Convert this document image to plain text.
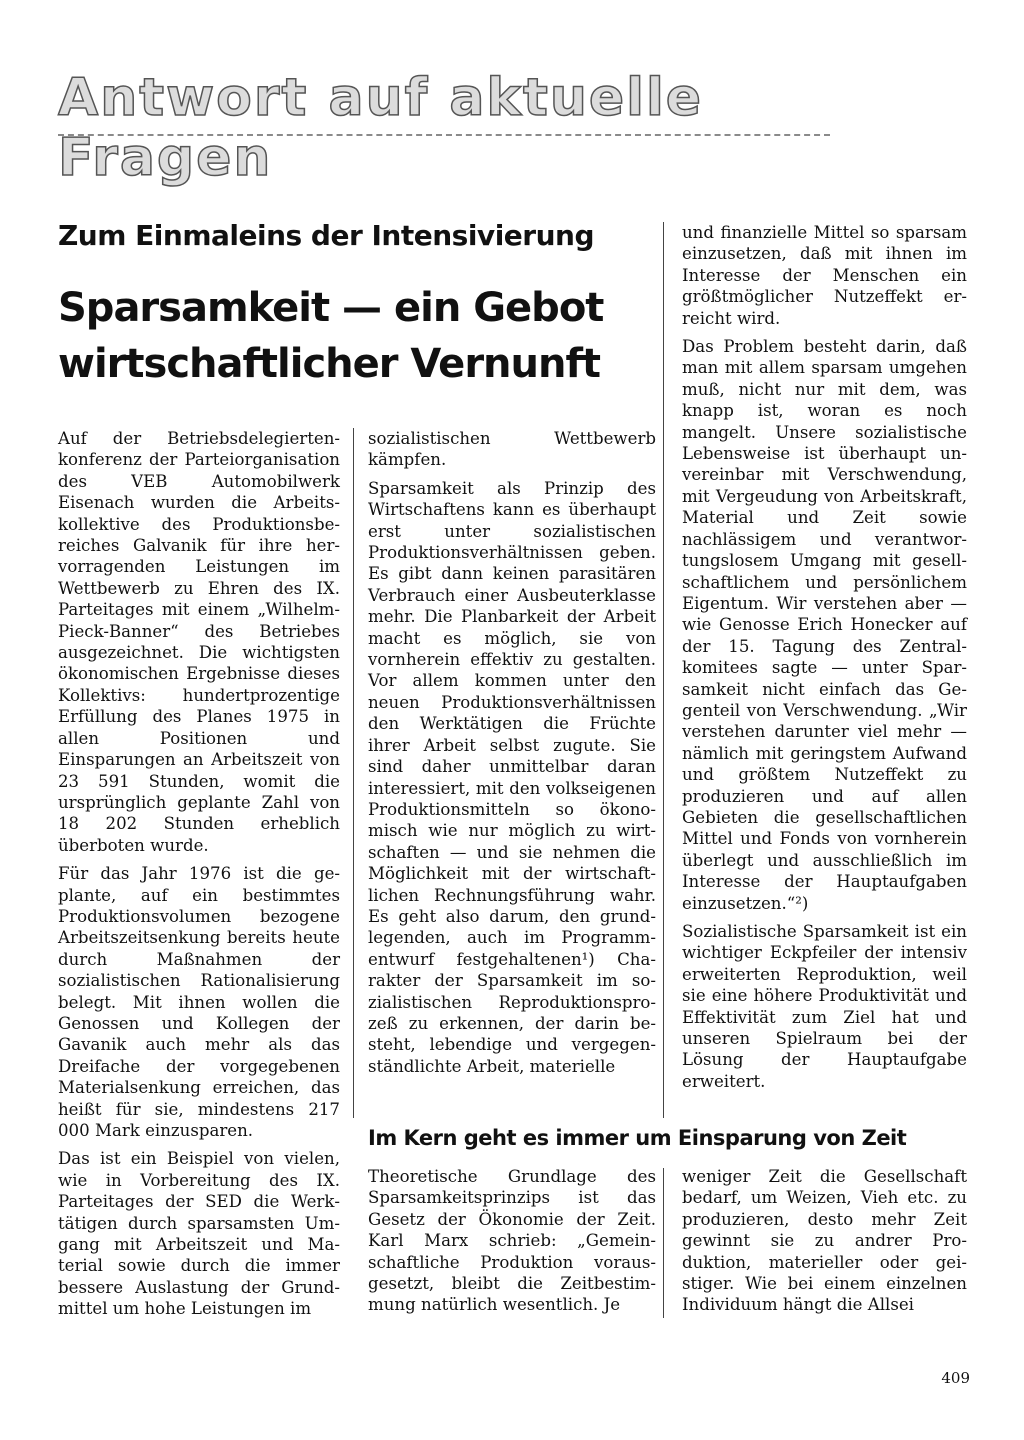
Antwort auf aktuelle Fragen
Zum Einmaleins der Intensivierung
Sparsamkeit — ein Gebot wirtschaftlicher Vernunft

Auf der Betriebsdelegiertenkonferenz der Parteiorganisation des VEB Automobilwerk Eisenach wurden die Arbeitskollektive des Produktionsbereiches Galvanik für ihre hervorragenden Leistungen im Wettbewerb zu Ehren des IX. Parteitages mit einem „Wilhelm-Pieck-Banner“ des Betriebes ausgezeichnet. Die wichtigsten ökonomischen Ergebnisse dieses Kollektivs: hundertprozentige Erfüllung des Planes 1975 in allen Positionen und Einsparungen an Arbeitszeit von 23 591 Stunden, womit die ursprünglich geplante Zahl von 18 202 Stunden erheblich überboten wurde.

Für das Jahr 1976 ist die geplante, auf ein bestimmtes Produktionsvolumen bezogene Arbeitszeitsenkung bereits heute durch Maßnahmen der sozialistischen Rationalisierung belegt. Mit ihnen wollen die Genossen und Kollegen der Gavanik auch mehr als das Dreifache der vorgegebenen Materialsenkung erreichen, das heißt für sie, mindestens 217 000 Mark einzusparen.

Das ist ein Beispiel von vielen, wie in Vorbereitung des IX. Parteitages der SED die Werktätigen durch sparsamsten Umgang mit Arbeitszeit und Material sowie durch die immer bessere Auslastung der Grundmittel um hohe Leistungen im

sozialistischen Wettbewerb kämpfen.

Sparsamkeit als Prinzip des Wirtschaftens kann es überhaupt erst unter sozialistischen Produktionsverhältnissen geben. Es gibt dann keinen parasitären Verbrauch einer Ausbeuterklasse mehr. Die Planbarkeit der Arbeit macht es möglich, sie von vornherein effektiv zu gestalten. Vor allem kommen unter den neuen Produktionsverhältnissen den Werktätigen die Früchte ihrer Arbeit selbst zugute. Sie sind daher unmittelbar daran interessiert, mit den volkseigenen Produktionsmitteln so ökonomisch wie nur möglich zu wirtschaften — und sie nehmen die Möglichkeit mit der wirtschaftlichen Rechnungsführung wahr. Es geht also darum, den grundlegenden, auch im Programmentwurf festgehaltenen¹) Charakter der Sparsamkeit im sozialistischen Reproduktionsprozeß zu erkennen, der darin besteht, lebendige und vergegenständlichte Arbeit, materielle

und finanzielle Mittel so sparsam einzusetzen, daß mit ihnen im Interesse der Menschen ein größtmöglicher Nutzeffekt erreicht wird.

Das Problem besteht darin, daß man mit allem sparsam umgehen muß, nicht nur mit dem, was knapp ist, woran es noch mangelt. Unsere sozialistische Lebensweise ist überhaupt unvereinbar mit Verschwendung, mit Vergeudung von Arbeitskraft, Material und Zeit sowie nachlässigem und verantwortungslosem Umgang mit gesellschaftlichem und persönlichem Eigentum. Wir verstehen aber — wie Genosse Erich Honecker auf der 15. Tagung des Zentralkomitees sagte — unter Sparsamkeit nicht einfach das Gegenteil von Verschwendung. „Wir verstehen darunter viel mehr — nämlich mit geringstem Aufwand und größtem Nutzeffekt zu produzieren und auf allen Gebieten die gesellschaftlichen Mittel und Fonds von vornherein überlegt und ausschließlich im Interesse der Hauptaufgaben einzusetzen.“²)

Sozialistische Sparsamkeit ist ein wichtiger Eckpfeiler der intensiv erweiterten Reproduktion, weil sie eine höhere Produktivität und Effektivität zum Ziel hat und unseren Spielraum bei der Lösung der Hauptaufgabe erweitert.

Im Kern geht es immer um Einsparung von Zeit

Theoretische Grundlage des Sparsamkeitsprinzips ist das Gesetz der Ökonomie der Zeit. Karl Marx schrieb: „Gemeinschaftliche Produktion vorausgesetzt, bleibt die Zeitbestimmung natürlich wesentlich. Je

weniger Zeit die Gesellschaft bedarf, um Weizen, Vieh etc. zu produzieren, desto mehr Zeit gewinnt sie zu andrer Produktion, materieller oder geistiger. Wie bei einem einzelnen Individuum hängt die Allsei

409
